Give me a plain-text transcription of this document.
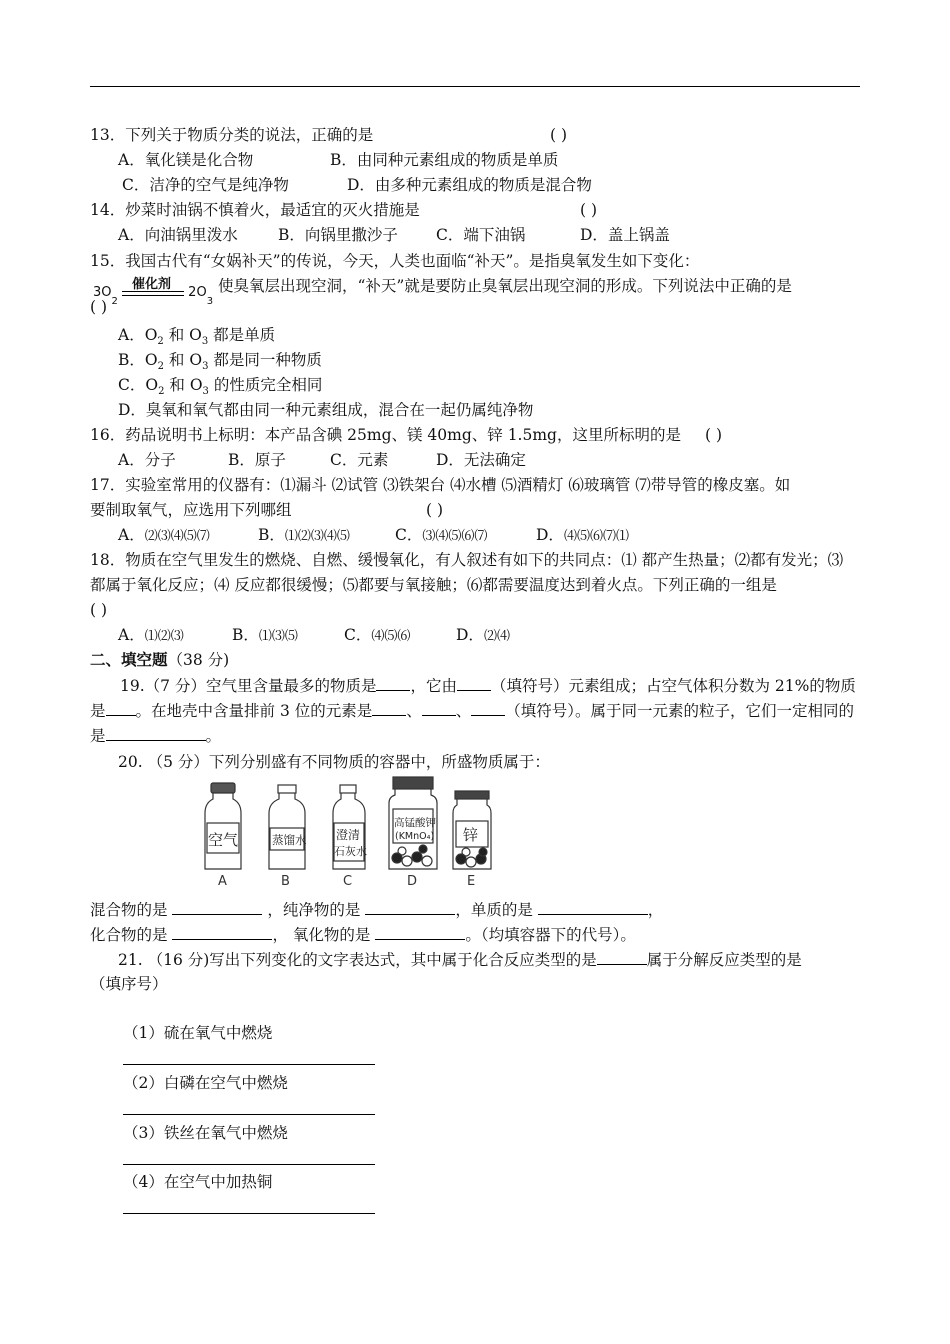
13．下列关于物质分类的说法，正确的是	( )
A．氧化镁是化合物	B．由同种元素组成的物质是单质
C．洁净的空气是纯净物	D．由多种元素组成的物质是混合物
14．炒菜时油锅不慎着火，最适宜的灭火措施是	( )
A．向油锅里泼水	B．向锅里撒沙子 C．端下油锅	D．盖上锅盖
15．我国古代有“女娲补天”的传说，今天，人类也面临“补天”。是指臭氧发生如下变化：
$3O_2$
催化剂
$2O_3$
使臭氧层出现空洞，“补天”就是要防止臭氧层出现空洞的形成。下列说法中正确的是
( )
A．$O_2$ 和 $O_3$ 都是单质
B．$O_2$ 和 $O_3$ 都是同一种物质
C．$O_2$ 和 $O_3$ 的性质完全相同
D．臭氧和氧气都由同一种元素组成，混合在一起仍属纯净物
16．药品说明书上标明：本产品含碘 25mg、镁 40mg、锌 1.5mg，这里所标明的是 ( )
A．分子	B．原子	C．元素	D．无法确定
17．实验室常用的仪器有：⑴漏斗 ⑵试管 ⑶铁架台 ⑷水槽 ⑸酒精灯 ⑹玻璃管 ⑺带导管的橡皮塞。如
要制取氧气，应选用下列哪组	( )
A．⑵⑶⑷⑸⑺	B．⑴⑵⑶⑷⑸	C．⑶⑷⑸⑹⑺	D．⑷⑸⑹⑺⑴
18．物质在空气里发生的燃烧、自燃、缓慢氧化，有人叙述有如下的共同点：⑴ 都产生热量；⑵都有发光；⑶
都属于氧化反应；⑷ 反应都很缓慢；⑸都要与氧接触；⑹都需要温度达到着火点。下列正确的一组是
( )
A．⑴⑵⑶	B．⑴⑶⑸	C．⑷⑸⑹	D．⑵⑷
二、填空题（38 分)
19.（7 分）空气里含量最多的物质是 ，它由 （填符号）元素组成；占空气体积分数为 21%的物质
是 。在地壳中含量排前 3 位的元素是 、 、 （填符号）。属于同一元素的粒子，它们一定相同的
是	。
20. （5 分）下列分别盛有不同物质的容器中，所盛物质属于：
空气
A
蒸馏水
B
澄清
石灰水
C
高锰酸钾
(KMnO₄)
D
锌
E
混合物的是	，纯净物的是	，单质的是	，
化合物的是	， 氧化物的是	。（均填容器下的代号）。
21. （16 分)写出下列变化的文字表达式，其中属于化合反应类型的是	属于分解反应类型的是
（填序号）
（1）硫在氧气中燃烧
（2）白磷在空气中燃烧
（3）铁丝在氧气中燃烧
（4）在空气中加热铜
